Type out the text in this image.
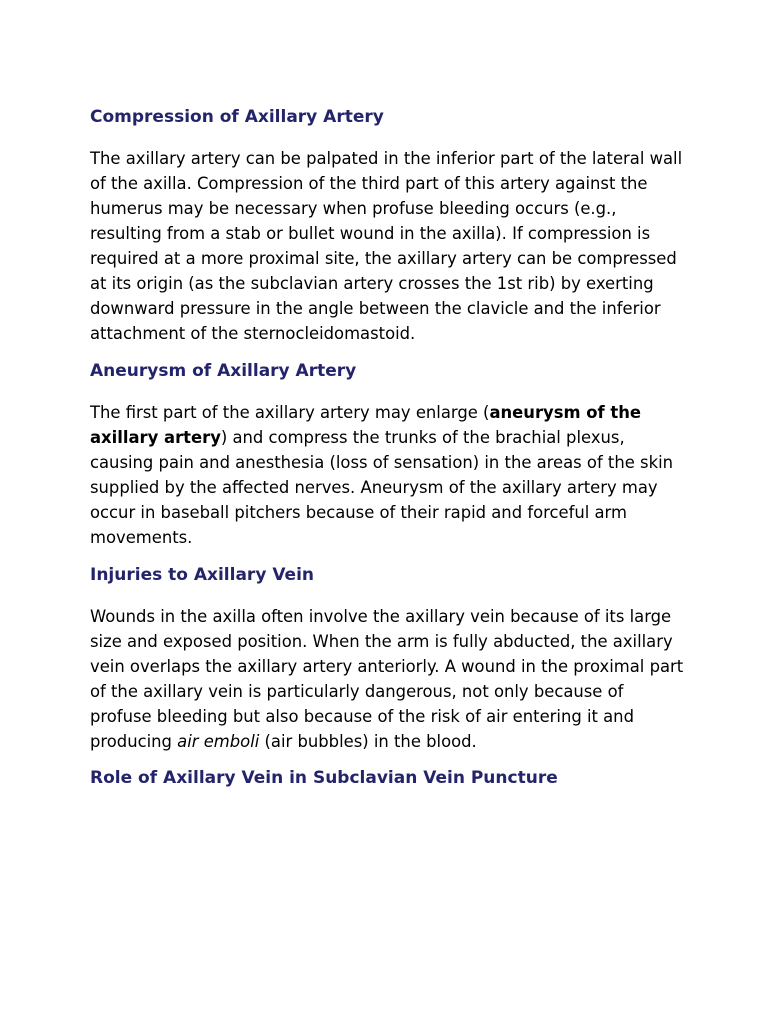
Compression of Axillary Artery

The axillary artery can be palpated in the inferior part of the lateral wall of the axilla. Compression of the third part of this artery against the humerus may be necessary when profuse bleeding occurs (e.g., resulting from a stab or bullet wound in the axilla). If compression is required at a more proximal site, the axillary artery can be compressed at its origin (as the subclavian artery crosses the 1st rib) by exerting downward pressure in the angle between the clavicle and the inferior attachment of the sternocleidomastoid.

Aneurysm of Axillary Artery

The first part of the axillary artery may enlarge (aneurysm of the axillary artery) and compress the trunks of the brachial plexus, causing pain and anesthesia (loss of sensation) in the areas of the skin supplied by the affected nerves. Aneurysm of the axillary artery may occur in baseball pitchers because of their rapid and forceful arm movements.

Injuries to Axillary Vein

Wounds in the axilla often involve the axillary vein because of its large size and exposed position. When the arm is fully abducted, the axillary vein overlaps the axillary artery anteriorly. A wound in the proximal part of the axillary vein is particularly dangerous, not only because of profuse bleeding but also because of the risk of air entering it and producing air emboli (air bubbles) in the blood.

Role of Axillary Vein in Subclavian Vein Puncture
